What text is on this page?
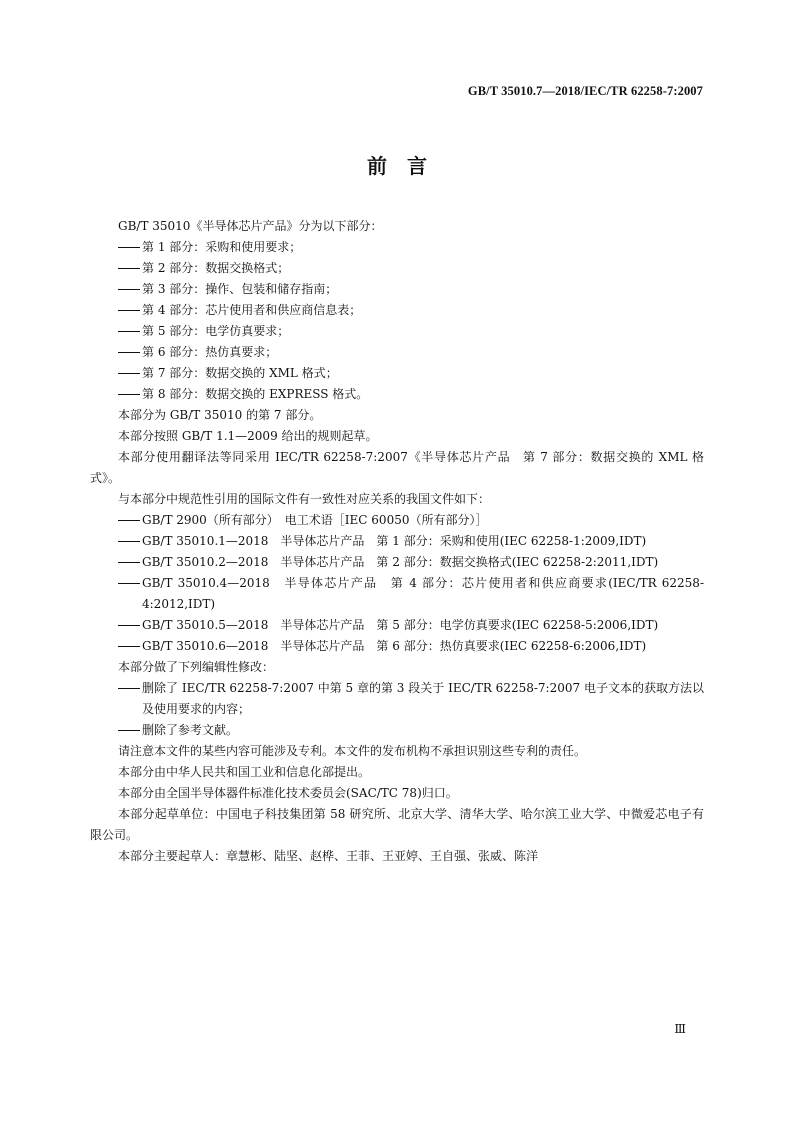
GB/T 35010.7—2018/IEC/TR 62258-7:2007
前　言

GB/T 35010《半导体芯片产品》分为以下部分：

第 1 部分：采购和使用要求；

第 2 部分：数据交换格式；

第 3 部分：操作、包装和储存指南；

第 4 部分：芯片使用者和供应商信息表；

第 5 部分：电学仿真要求；

第 6 部分：热仿真要求；

第 7 部分：数据交换的 XML 格式；

第 8 部分：数据交换的 EXPRESS 格式。

本部分为 GB/T 35010 的第 7 部分。

本部分按照 GB/T 1.1—2009 给出的规则起草。

本部分使用翻译法等同采用 IEC/TR 62258-7:2007《半导体芯片产品　第 7 部分：数据交换的 XML 格式》。

与本部分中规范性引用的国际文件有一致性对应关系的我国文件如下：

GB/T 2900（所有部分）　电工术语［IEC 60050（所有部分）］

GB/T 35010.1—2018　半导体芯片产品　第 1 部分：采购和使用(IEC 62258-1:2009,IDT)

GB/T 35010.2—2018　半导体芯片产品　第 2 部分：数据交换格式(IEC 62258-2:2011,IDT)

GB/T 35010.4—2018　半导体芯片产品　第 4 部分：芯片使用者和供应商要求(IEC/TR 62258-4:2012,IDT)

GB/T 35010.5—2018　半导体芯片产品　第 5 部分：电学仿真要求(IEC 62258-5:2006,IDT)

GB/T 35010.6—2018　半导体芯片产品　第 6 部分：热仿真要求(IEC 62258-6:2006,IDT)

本部分做了下列编辑性修改：

删除了 IEC/TR 62258-7:2007 中第 5 章的第 3 段关于 IEC/TR 62258-7:2007 电子文本的获取方法以及使用要求的内容；

删除了参考文献。

请注意本文件的某些内容可能涉及专利。本文件的发布机构不承担识别这些专利的责任。

本部分由中华人民共和国工业和信息化部提出。

本部分由全国半导体器件标准化技术委员会(SAC/TC 78)归口。

本部分起草单位：中国电子科技集团第 58 研究所、北京大学、清华大学、哈尔滨工业大学、中微爱芯电子有限公司。

本部分主要起草人：章慧彬、陆坚、赵桦、王菲、王亚婷、王自强、张威、陈洋

Ⅲ
